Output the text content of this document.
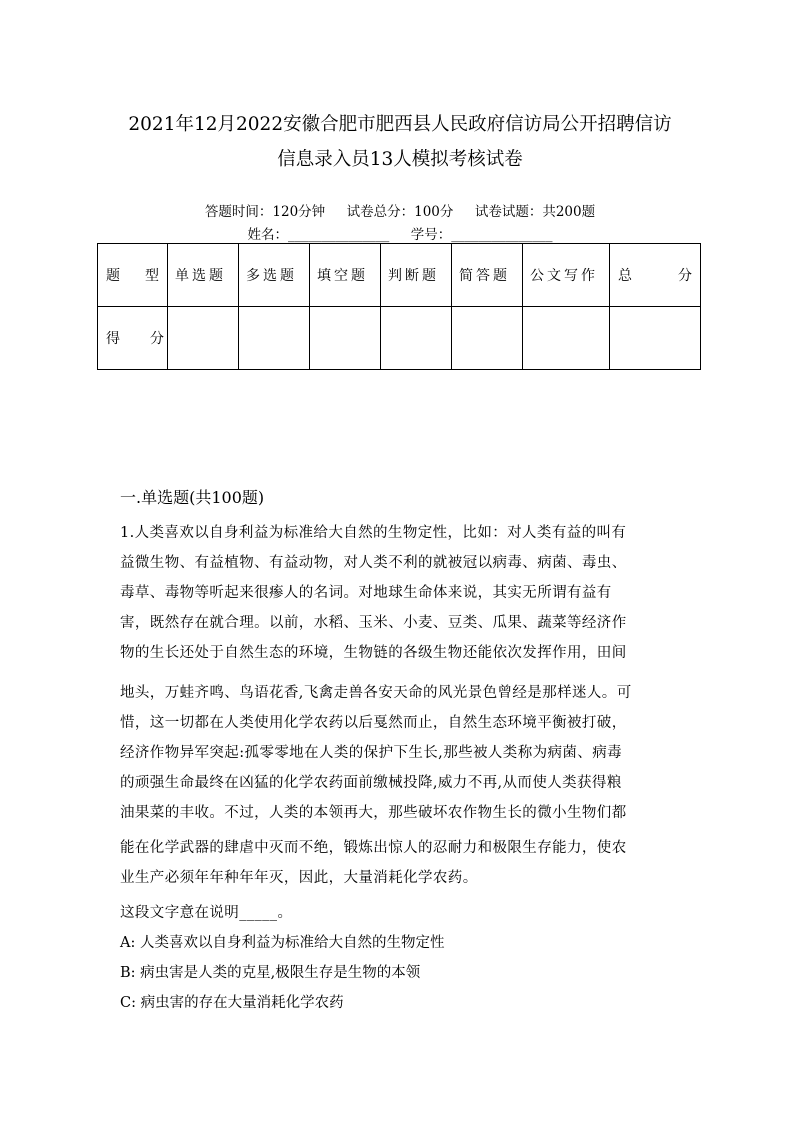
2021年12月2022安徽合肥市肥西县人民政府信访局公开招聘信访
信息录入员13人模拟考核试卷
答题时间：120分钟     试卷总分：100分     试卷试题：共200题
姓名：_______________     学号：_______________
题 型	单选题	多选题	填空题	判断题	简答题	公文写作	总 分

得 分							

一.单选题(共100题)
1.人类喜欢以自身利益为标准给大自然的生物定性，比如：对人类有益的叫有
益微生物、有益植物、有益动物，对人类不利的就被冠以病毒、病菌、毒虫、
毒草、毒物等听起来很瘆人的名词。对地球生命体来说，其实无所谓有益有
害，既然存在就合理。以前，水稻、玉米、小麦、豆类、瓜果、蔬菜等经济作
物的生长还处于自然生态的环境，生物链的各级生物还能依次发挥作用，田间
地头，万蛙齐鸣、鸟语花香,飞禽走兽各安天命的风光景色曾经是那样迷人。可
惜，这一切都在人类使用化学农药以后戛然而止，自然生态环境平衡被打破，
经济作物异军突起:孤零零地在人类的保护下生长,那些被人类称为病菌、病毒
的顽强生命最终在凶猛的化学农药面前缴械投降,威力不再,从而使人类获得粮
油果菜的丰收。不过，人类的本领再大，那些破坏农作物生长的微小生物们都
能在化学武器的肆虐中灭而不绝，锻炼出惊人的忍耐力和极限生存能力，使农
业生产必须年年种年年灭，因此，大量消耗化学农药。
这段文字意在说明_____。
A: 人类喜欢以自身利益为标准给大自然的生物定性
B: 病虫害是人类的克星,极限生存是生物的本领
C: 病虫害的存在大量消耗化学农药
